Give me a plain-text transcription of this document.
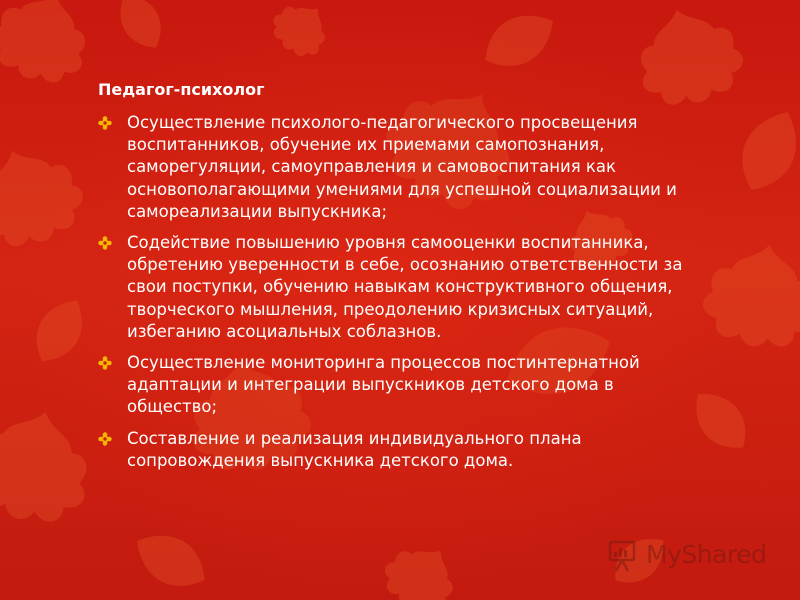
Педагог-психолог
Осуществление психолого-педагогического просвещения воспитанников, обучение их приемами самопознания, саморегуляции, самоуправления и самовоспитания как основополагающими умениями для успешной социализации и самореализации выпускника;
Содействие повышению уровня самооценки воспитанника, обретению уверенности в себе, осознанию ответственности за свои поступки, обучению навыкам конструктивного общения, творческого мышления, преодолению кризисных ситуаций, избеганию асоциальных соблазнов.
Осуществление мониторинга процессов постинтернатной адаптации и интеграции выпускников детского дома в общество;
Составление и реализация индивидуального плана сопровождения выпускника детского дома.
MyShared
